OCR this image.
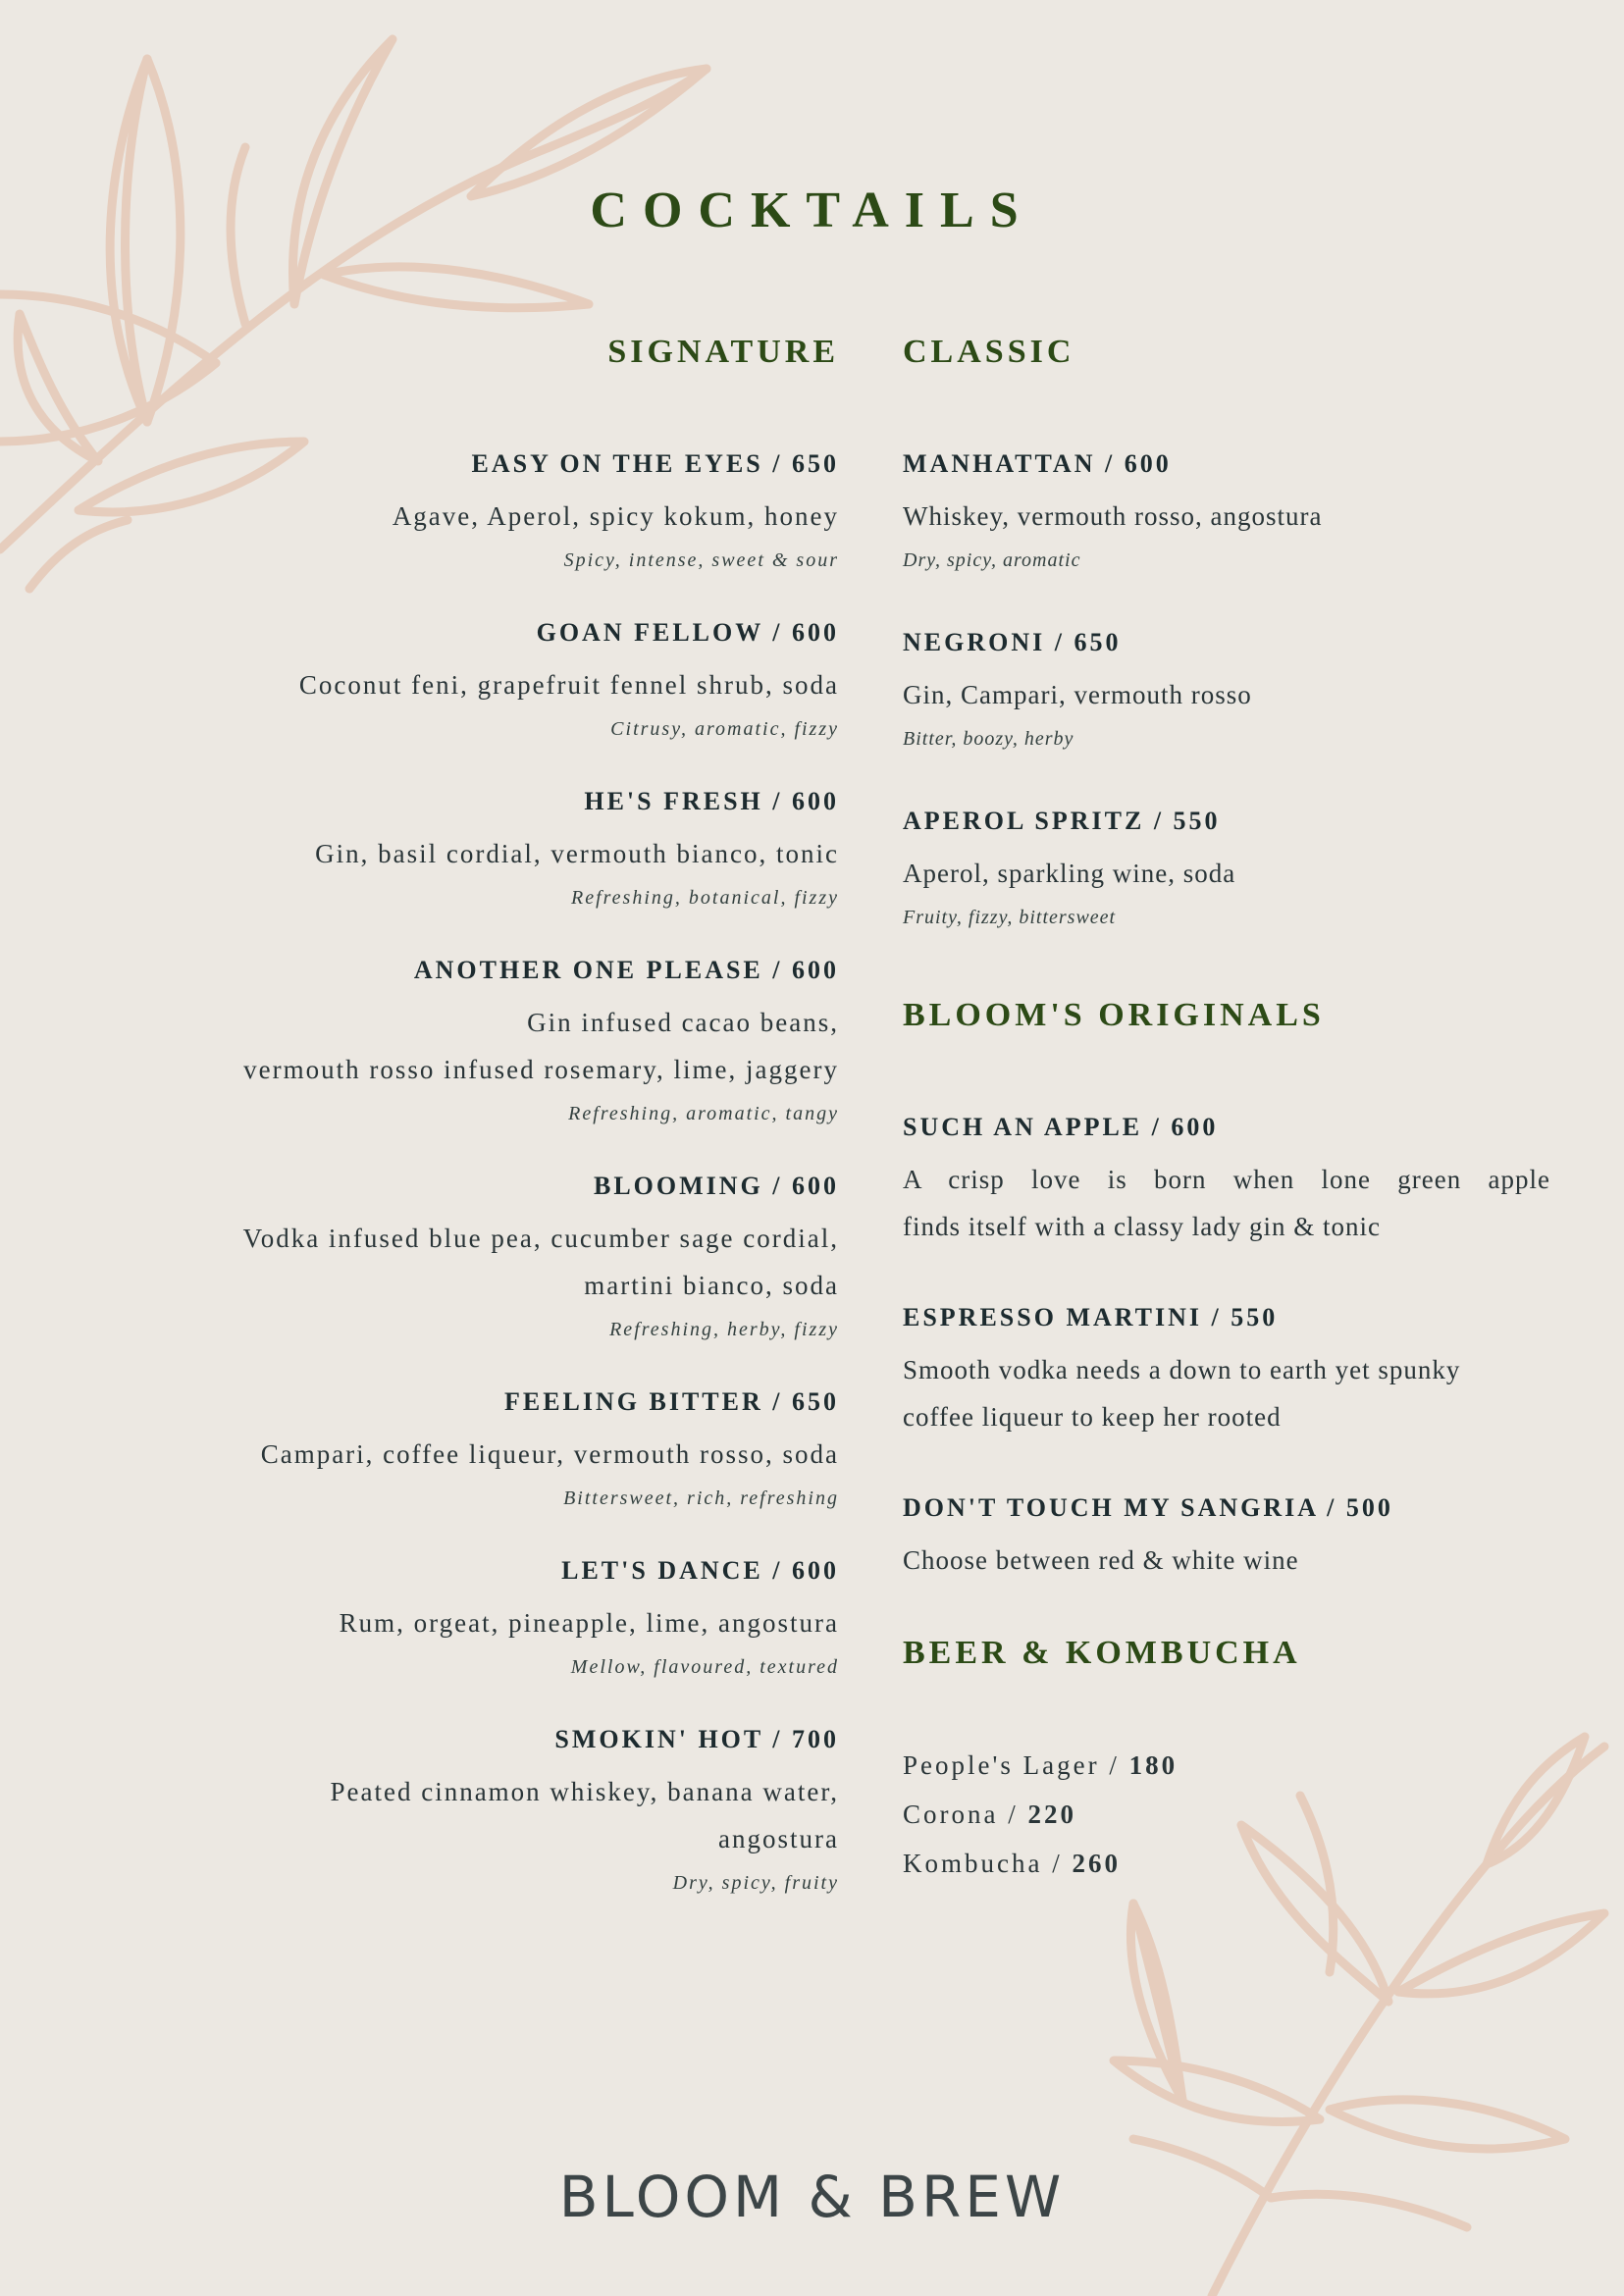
COCKTAILS
SIGNATURE
EASY ON THE EYES / 650
Agave, Aperol, spicy kokum, honey
Spicy, intense, sweet & sour
GOAN FELLOW / 600
Coconut feni, grapefruit fennel shrub, soda
Citrusy, aromatic, fizzy
HE'S FRESH / 600
Gin, basil cordial, vermouth bianco, tonic
Refreshing, botanical, fizzy
ANOTHER ONE PLEASE / 600
Gin infused cacao beans,
vermouth rosso infused rosemary, lime, jaggery
Refreshing, aromatic, tangy
BLOOMING / 600
Vodka infused blue pea, cucumber sage cordial,
martini bianco, soda
Refreshing, herby, fizzy
FEELING BITTER / 650
Campari, coffee liqueur, vermouth rosso, soda
Bittersweet, rich, refreshing
LET'S DANCE / 600
Rum, orgeat, pineapple, lime, angostura
Mellow, flavoured, textured
SMOKIN' HOT / 700
Peated cinnamon whiskey, banana water,
angostura
Dry, spicy, fruity
CLASSIC
MANHATTAN / 600
Whiskey, vermouth rosso, angostura
Dry, spicy, aromatic
NEGRONI / 650
Gin, Campari, vermouth rosso
Bitter, boozy, herby
APEROL SPRITZ / 550
Aperol, sparkling wine, soda
Fruity, fizzy, bittersweet
BLOOM'S ORIGINALS
SUCH AN APPLE / 600
A crisp love is born when lone green apple
finds itself with a classy lady gin & tonic
ESPRESSO MARTINI / 550
Smooth vodka needs a down to earth yet spunky
coffee liqueur to keep her rooted
DON'T TOUCH MY SANGRIA / 500
Choose between red & white wine
BEER & KOMBUCHA
People's Lager / 180
Corona / 220
Kombucha / 260
BLOOM & BREW
